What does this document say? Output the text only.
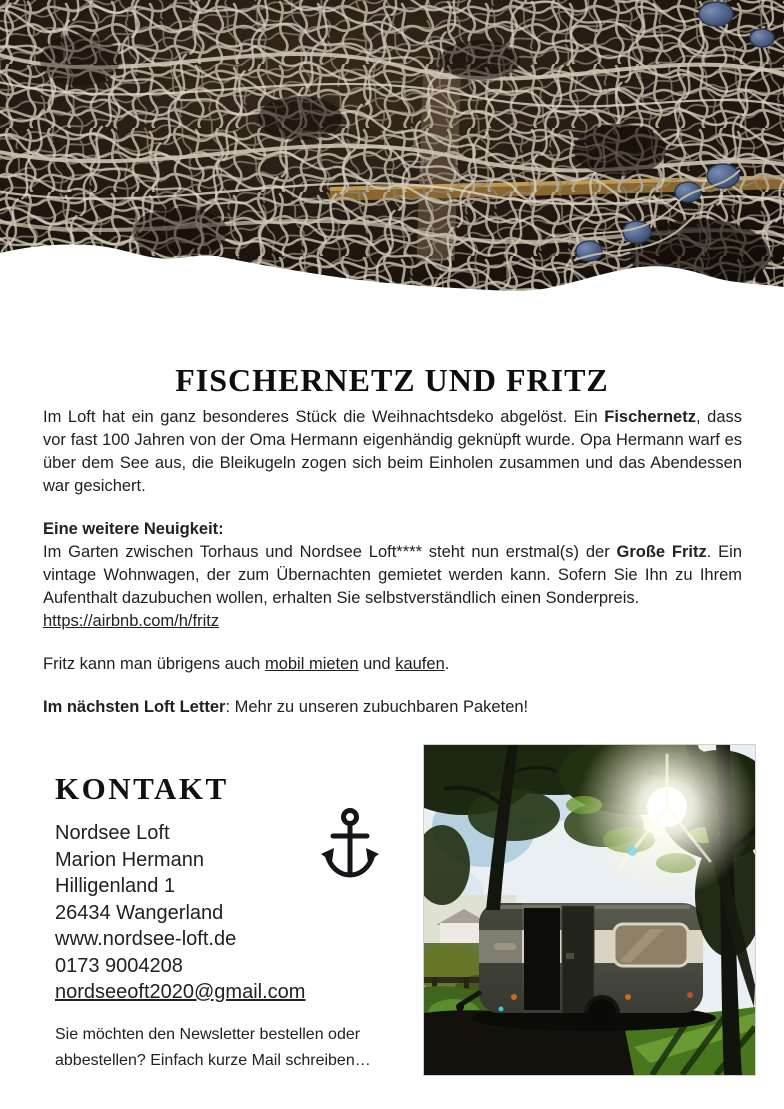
FISCHERNETZ UND FRITZ

Im Loft hat ein ganz besonderes Stück die Weihnachtsdeko abgelöst. Ein Fischernetz, dass vor fast 100 Jahren von der Oma Hermann eigenhändig geknüpft wurde. Opa Hermann warf es über dem See aus, die Bleikugeln zogen sich beim Einholen zusammen und das Abendessen war gesichert.

Eine weitere Neuigkeit:
Im Garten zwischen Torhaus und Nordsee Loft**** steht nun erstmal(s) der Große Fritz. Ein vintage Wohnwagen, der zum Übernachten gemietet werden kann. Sofern Sie Ihn zu Ihrem Aufenthalt dazubuchen wollen, erhalten Sie selbstverständlich einen Sonderpreis.
https://airbnb.com/h/fritz

Fritz kann man übrigens auch mobil mieten und kaufen.

Im nächsten Loft Letter: Mehr zu unseren zubuchbaren Paketen!

KONTAKT
Nordsee Loft
Marion Hermann
Hilligenland 1
26434 Wangerland
www.nordsee-loft.de
0173 9004208
nordseeoft2020@gmail.com
Sie möchten den Newsletter bestellen oder abbestellen? Einfach kurze Mail schreiben…
